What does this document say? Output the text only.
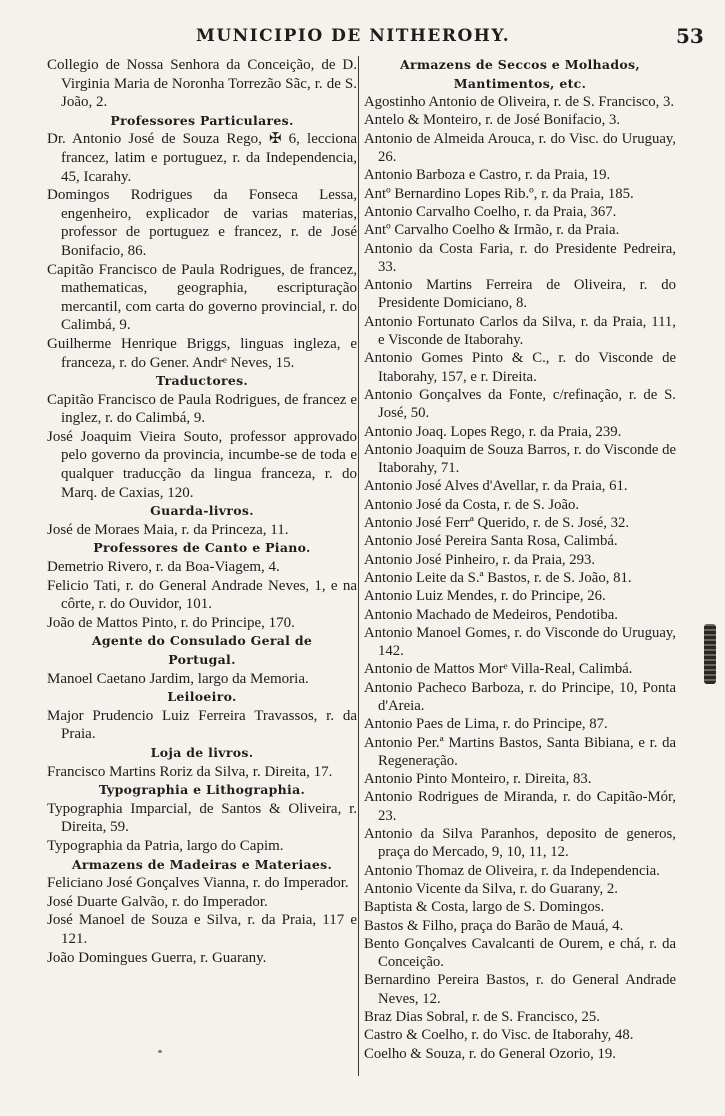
MUNICIPIO DE NITHEROHY.	53
Collegio de Nossa Senhora da Conceição, de D. Virginia Maria de Noronha Torrezão Sãc, r. de S. João, 2.
Professores Particulares.
Dr. Antonio José de Souza Rego, ✠ 6, lecciona francez, latim e portuguez, r. da Independencia, 45, Icarahy.
Domingos Rodrigues da Fonseca Lessa, engenheiro, explicador de varias materias, professor de portuguez e francez, r. de José Bonifacio, 86.
Capitão Francisco de Paula Rodrigues, de francez, mathematicas, geographia, escripturação mercantil, com carta do governo provincial, r. do Calimbá, 9.
Guilherme Henrique Briggs, linguas ingleza, e franceza, r. do Gener. Andrᵉ Neves, 15.
Traductores.
Capitão Francisco de Paula Rodrigues, de francez e inglez, r. do Calimbá, 9.
José Joaquim Vieira Souto, professor approvado pelo governo da provincia, incumbe-se de toda e qualquer traducção da lingua franceza, r. do Marq. de Caxias, 120.
Guarda-livros.
José de Moraes Maia, r. da Princeza, 11.
Professores de Canto e Piano.
Demetrio Rivero, r. da Boa-Viagem, 4.
Felicio Tati, r. do General Andrade Neves, 1, e na côrte, r. do Ouvidor, 101.
João de Mattos Pinto, r. do Principe, 170.
Agente do Consulado Geral de Portugal.
Manoel Caetano Jardim, largo da Memoria.
Leiloeiro.
Major Prudencio Luiz Ferreira Travassos, r. da Praia.
Loja de livros.
Francisco Martins Roriz da Silva, r. Direita, 17.
Typographia e Lithographia.
Typographia Imparcial, de Santos & Oliveira, r. Direita, 59.
Typographia da Patria, largo do Capim.
Armazens de Madeiras e Materiaes.
Feliciano José Gonçalves Vianna, r. do Imperador.
José Duarte Galvão, r. do Imperador.
José Manoel de Souza e Silva, r. da Praia, 117 e 121.
João Domingues Guerra, r. Guarany.
Armazens de Seccos e Molhados, Mantimentos, etc.
Agostinho Antonio de Oliveira, r. de S. Francisco, 3.
Antelo & Monteiro, r. de José Bonifacio, 3.
Antonio de Almeida Arouca, r. do Visc. do Uruguay, 26.
Antonio Barboza e Castro, r. da Praia, 19.
Antº Bernardino Lopes Rib.º, r. da Praia, 185.
Antonio Carvalho Coelho, r. da Praia, 367.
Antº Carvalho Coelho & Irmão, r. da Praia.
Antonio da Costa Faria, r. do Presidente Pedreira, 33.
Antonio Martins Ferreira de Oliveira, r. do Presidente Domiciano, 8.
Antonio Fortunato Carlos da Silva, r. da Praia, 111, e Visconde de Itaborahy.
Antonio Gomes Pinto & C., r. do Visconde de Itaborahy, 157, e r. Direita.
Antonio Gonçalves da Fonte, c/refinação, r. de S. José, 50.
Antonio Joaq. Lopes Rego, r. da Praia, 239.
Antonio Joaquim de Souza Barros, r. do Visconde de Itaborahy, 71.
Antonio José Alves d'Avellar, r. da Praia, 61.
Antonio José da Costa, r. de S. João.
Antonio José Ferrª Querido, r. de S. José, 32.
Antonio José Pereira Santa Rosa, Calimbá.
Antonio José Pinheiro, r. da Praia, 293.
Antonio Leite da S.ª Bastos, r. de S. João, 81.
Antonio Luiz Mendes, r. do Principe, 26.
Antonio Machado de Medeiros, Pendotiba.
Antonio Manoel Gomes, r. do Visconde do Uruguay, 142.
Antonio de Mattos Morᵉ Villa-Real, Calimbá.
Antonio Pacheco Barboza, r. do Principe, 10, Ponta d'Areia.
Antonio Paes de Lima, r. do Principe, 87.
Antonio Per.ª Martins Bastos, Santa Bibiana, e r. da Regeneração.
Antonio Pinto Monteiro, r. Direita, 83.
Antonio Rodrigues de Miranda, r. do Capitão-Mór, 23.
Antonio da Silva Paranhos, deposito de generos, praça do Mercado, 9, 10, 11, 12.
Antonio Thomaz de Oliveira, r. da Independencia.
Antonio Vicente da Silva, r. do Guarany, 2.
Baptista & Costa, largo de S. Domingos.
Bastos & Filho, praça do Barão de Mauá, 4.
Bento Gonçalves Cavalcanti de Ourem, e chá, r. da Conceição.
Bernardino Pereira Bastos, r. do General Andrade Neves, 12.
Braz Dias Sobral, r. de S. Francisco, 25.
Castro & Coelho, r. do Visc. de Itaborahy, 48.
Coelho & Souza, r. do General Ozorio, 19.
